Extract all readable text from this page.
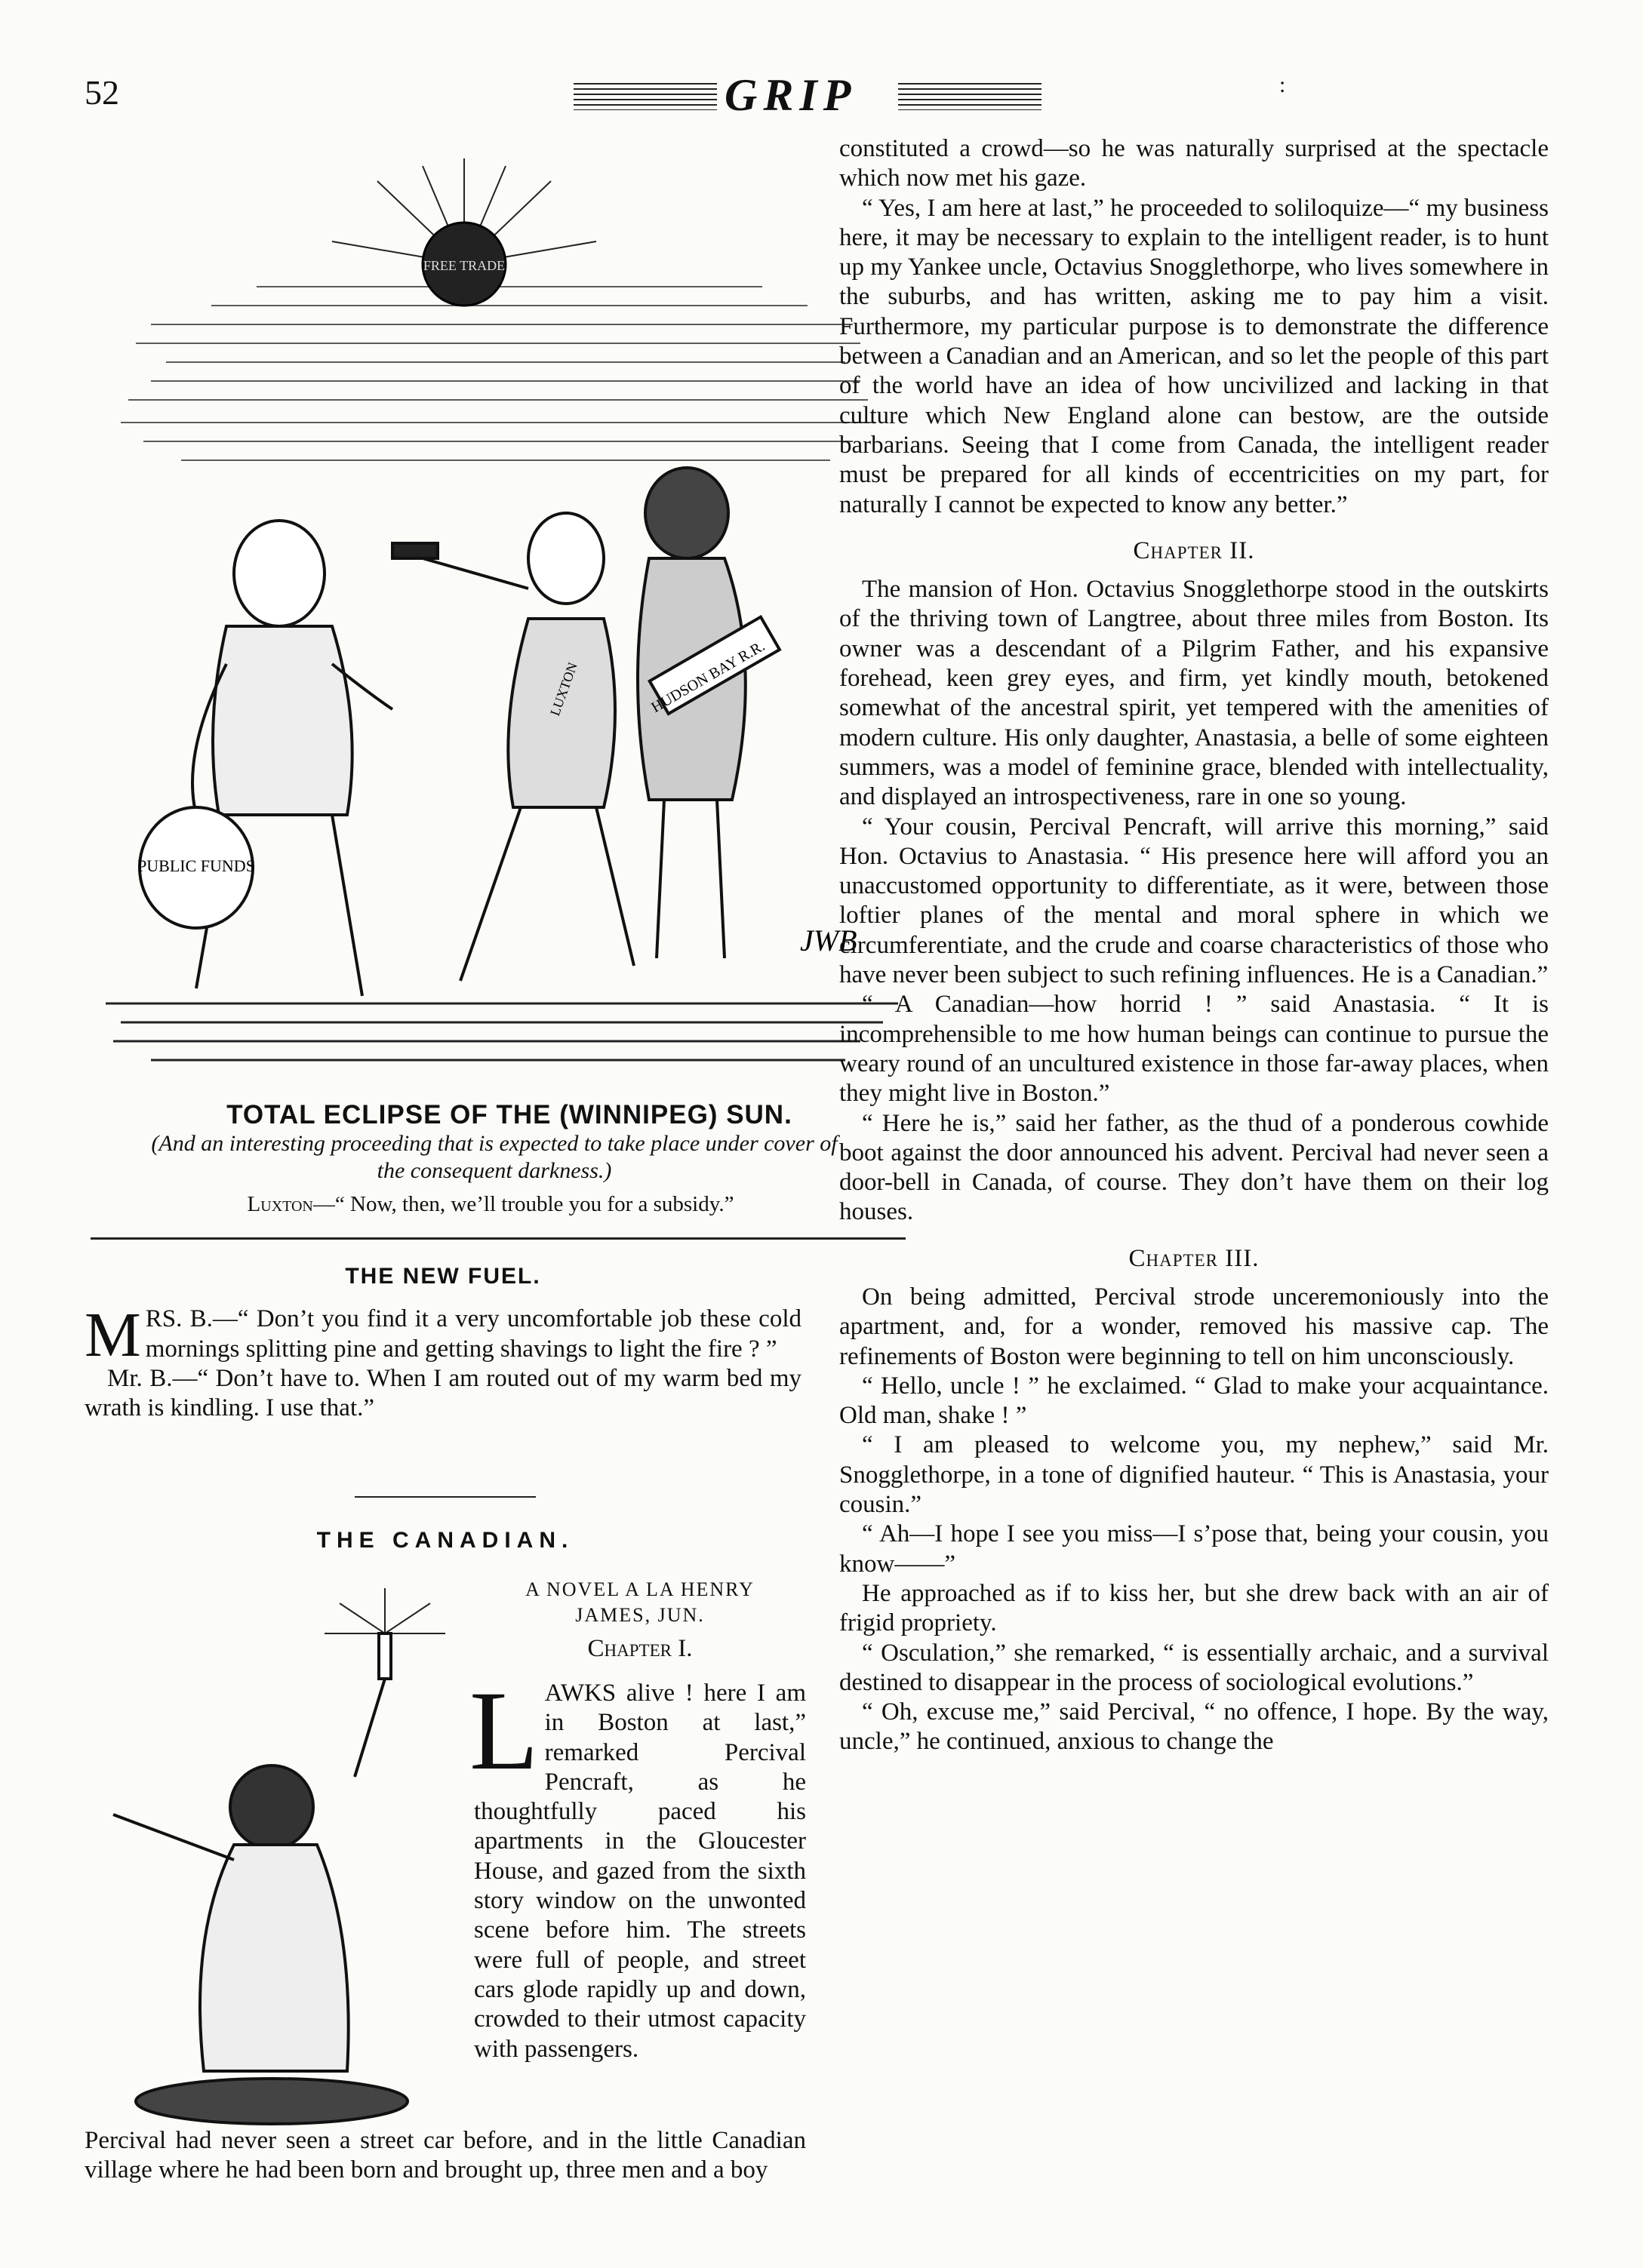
52	GRIP	:
FREE TRADE
PUBLIC FUNDS
LUXTON	HUDSON BAY R.R.
JWB
TOTAL ECLIPSE OF THE (WINNIPEG) SUN.
(And an interesting proceeding that is expected to take place under cover of
the consequent darkness.)
Luxton—“ Now, then, we’ll trouble you for a subsidy.”
THE NEW FUEL.

MRS. B.—“ Don’t you find it a very uncomfortable job these cold mornings splitting pine and getting shavings to light the fire ? ”

Mr. B.—“ Don’t have to. When I am routed out of my warm bed my wrath is kindling. I use that.”

THE CANADIAN.
A NOVEL A LA HENRY
JAMES, JUN.
Chapter I.

LAWKS alive ! here I am in Boston at last,” remarked Percival Pencraft, as he thoughtfully paced his apartments in the Gloucester House, and gazed from the sixth story window on the unwonted scene before him. The streets were full of people, and street cars glode rapidly up and down, crowded to their utmost capacity with passengers.

Percival had never seen a street car before, and in the little Canadian village where he had been born and brought up, three men and a boy

constituted a crowd—so he was naturally surprised at the spectacle which now met his gaze.

“ Yes, I am here at last,” he proceeded to soliloquize—“ my business here, it may be necessary to explain to the intelligent reader, is to hunt up my Yankee uncle, Octavius Snogglethorpe, who lives somewhere in the suburbs, and has written, asking me to pay him a visit. Furthermore, my particular purpose is to demonstrate the difference between a Canadian and an American, and so let the people of this part of the world have an idea of how uncivilized and lacking in that culture which New England alone can bestow, are the outside barbarians. Seeing that I come from Canada, the intelligent reader must be prepared for all kinds of eccentricities on my part, for naturally I cannot be expected to know any better.”

Chapter II.

The mansion of Hon. Octavius Snogglethorpe stood in the outskirts of the thriving town of Langtree, about three miles from Boston. Its owner was a descendant of a Pilgrim Father, and his expansive forehead, keen grey eyes, and firm, yet kindly mouth, betokened somewhat of the ancestral spirit, yet tempered with the amenities of modern culture. His only daughter, Anastasia, a belle of some eighteen summers, was a model of feminine grace, blended with intellectuality, and displayed an introspectiveness, rare in one so young.

“ Your cousin, Percival Pencraft, will arrive this morning,” said Hon. Octavius to Anastasia. “ His presence here will afford you an unaccustomed opportunity to differentiate, as it were, between those loftier planes of the mental and moral sphere in which we circumferentiate, and the crude and coarse characteristics of those who have never been subject to such refining influences. He is a Canadian.”

“ A Canadian—how horrid ! ” said Anastasia. “ It is incomprehensible to me how human beings can continue to pursue the weary round of an uncultured existence in those far-away places, when they might live in Boston.”

“ Here he is,” said her father, as the thud of a ponderous cowhide boot against the door announced his advent. Percival had never seen a door-bell in Canada, of course. They don’t have them on their log houses.

Chapter III.

On being admitted, Percival strode unceremoniously into the apartment, and, for a wonder, removed his massive cap. The refinements of Boston were beginning to tell on him unconsciously.

“ Hello, uncle ! ” he exclaimed. “ Glad to make your acquaintance. Old man, shake ! ”

“ I am pleased to welcome you, my nephew,” said Mr. Snogglethorpe, in a tone of dignified hauteur. “ This is Anastasia, your cousin.”

“ Ah—I hope I see you miss—I s’pose that, being your cousin, you know——”

He approached as if to kiss her, but she drew back with an air of frigid propriety.

“ Osculation,” she remarked, “ is essentially archaic, and a survival destined to disappear in the process of sociological evolutions.”

“ Oh, excuse me,” said Percival, “ no offence, I hope. By the way, uncle,” he continued, anxious to change the
